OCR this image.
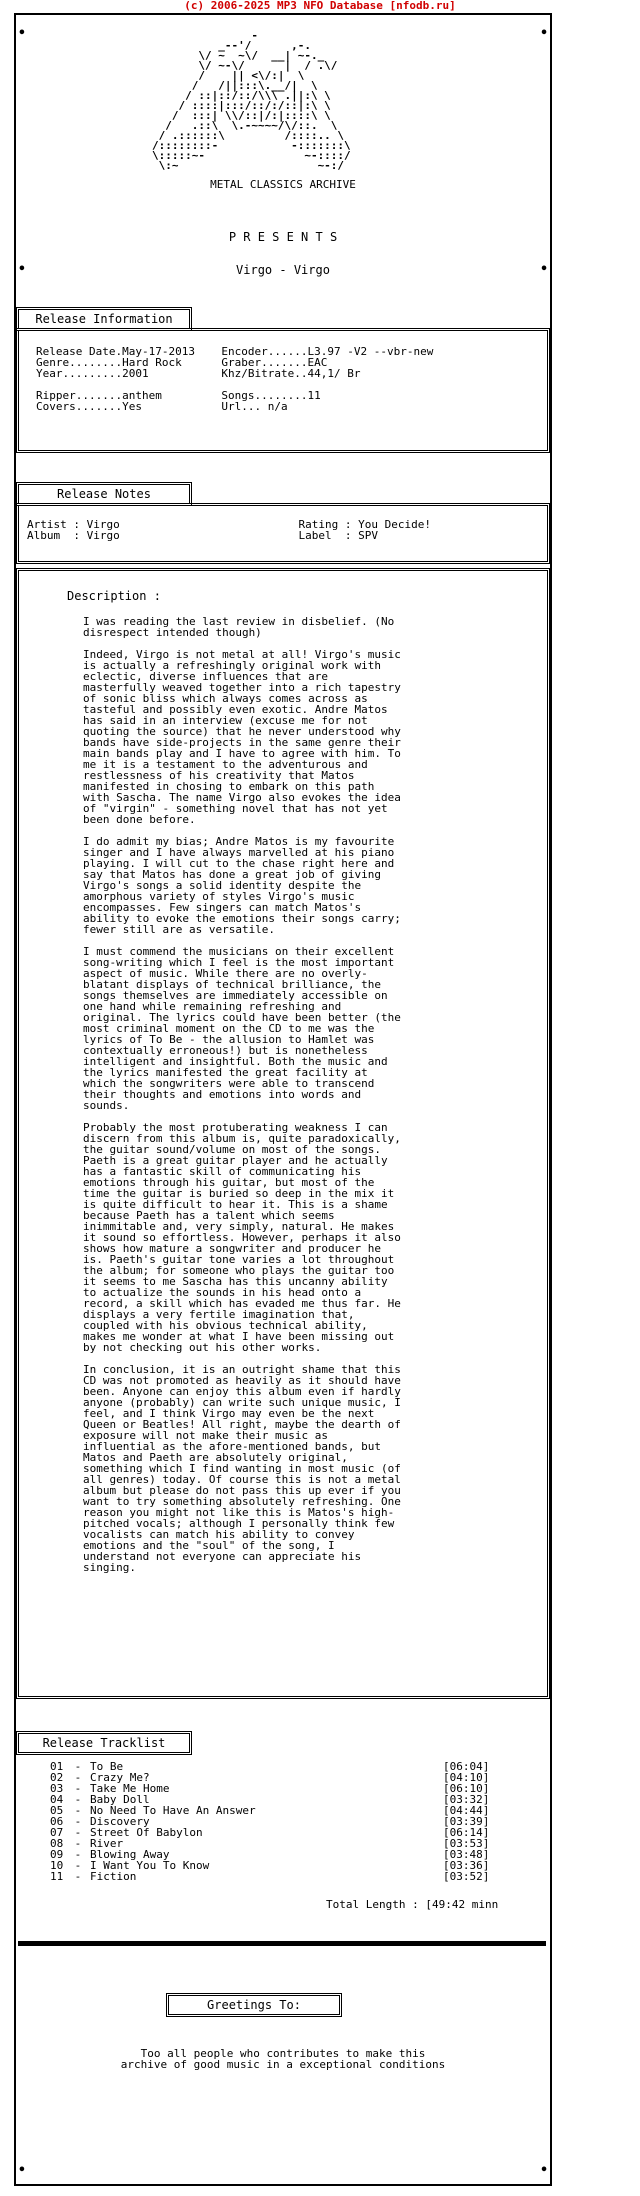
(c) 2006-2025 MP3 NFO Database [nfodb.ru]
•	•
•	•
-
_--'/      ,-.
\/ ~  ~\/  __| ~-._
\/ ~-\/      |  / .\/
/    || <\/:|  \
/   /||:::\.__/|  \
/ ::|::/::/\\\ .||:\ \
/ ::::|:::/::/:/::|:\ \
/  :::| \\/::|/:|::::\ \
/   .::\  \.-~~~~/\/::.  \
/ .::::::\         /::::.. \
/::::::::-           -:::::::\
\:::::~-               ~-::::/
\:~                     ~-:/
METAL CLASSICS ARCHIVE
P R E S E N T S
•	Virgo - Virgo	•
Release Information
Release Date.May-17-2013    Encoder......L3.97 -V2 --vbr-new
Genre........Hard Rock      Graber.......EAC
Year.........2001           Khz/Bitrate..44,1/ Br

Ripper.......anthem         Songs........11
Covers.......Yes            Url... n/a
Release Notes
Artist : Virgo                           Rating : You Decide!
Album  : Virgo                           Label  : SPV
Description :
I was reading the last review in disbelief. (No
disrespect intended though)

Indeed, Virgo is not metal at all! Virgo's music
is actually a refreshingly original work with
eclectic, diverse influences that are
masterfully weaved together into a rich tapestry
of sonic bliss which always comes across as
tasteful and possibly even exotic. Andre Matos
has said in an interview (excuse me for not
quoting the source) that he never understood why
bands have side-projects in the same genre their
main bands play and I have to agree with him. To
me it is a testament to the adventurous and
restlessness of his creativity that Matos
manifested in chosing to embark on this path
with Sascha. The name Virgo also evokes the idea
of "virgin" - something novel that has not yet
been done before.

I do admit my bias; Andre Matos is my favourite
singer and I have always marvelled at his piano
playing. I will cut to the chase right here and
say that Matos has done a great job of giving
Virgo's songs a solid identity despite the
amorphous variety of styles Virgo's music
encompasses. Few singers can match Matos's
ability to evoke the emotions their songs carry;
fewer still are as versatile.

I must commend the musicians on their excellent
song-writing which I feel is the most important
aspect of music. While there are no overly-
blatant displays of technical brilliance, the
songs themselves are immediately accessible on
one hand while remaining refreshing and
original. The lyrics could have been better (the
most criminal moment on the CD to me was the
lyrics of To Be - the allusion to Hamlet was
contextually erroneous!) but is nonetheless
intelligent and insightful. Both the music and
the lyrics manifested the great facility at
which the songwriters were able to transcend
their thoughts and emotions into words and
sounds.

Probably the most protuberating weakness I can
discern from this album is, quite paradoxically,
the guitar sound/volume on most of the songs.
Paeth is a great guitar player and he actually
has a fantastic skill of communicating his
emotions through his guitar, but most of the
time the guitar is buried so deep in the mix it
is quite difficult to hear it. This is a shame
because Paeth has a talent which seems
inimmitable and, very simply, natural. He makes
it sound so effortless. However, perhaps it also
shows how mature a songwriter and producer he
is. Paeth's guitar tone varies a lot throughout
the album; for someone who plays the guitar too
it seems to me Sascha has this uncanny ability
to actualize the sounds in his head onto a
record, a skill which has evaded me thus far. He
displays a very fertile imagination that,
coupled with his obvious technical ability,
makes me wonder at what I have been missing out
by not checking out his other works.

In conclusion, it is an outright shame that this
CD was not promoted as heavily as it should have
been. Anyone can enjoy this album even if hardly
anyone (probably) can write such unique music, I
feel, and I think Virgo may even be the next
Queen or Beatles! All right, maybe the dearth of
exposure will not make their music as
influential as the afore-mentioned bands, but
Matos and Paeth are absolutely original,
something which I find wanting in most music (of
all genres) today. Of course this is not a metal
album but please do not pass this up ever if you
want to try something absolutely refreshing. One
reason you might not like this is Matos's high-
pitched vocals; although I personally think few
vocalists can match his ability to convey
emotions and the "soul" of the song, I
understand not everyone can appreciate his
singing.
Release Tracklist
01 - To Be	[06:04]
02 - Crazy Me?	[04:10]
03 - Take Me Home	[06:10]
04 - Baby Doll	[03:32]
05 - No Need To Have An Answer	[04:44]
06 - Discovery	[03:39]
07 - Street Of Babylon	[06:14]
08 - River	[03:53]
09 - Blowing Away	[03:48]
10 - I Want You To Know	[03:36]
11 - Fiction	[03:52]
Total Length : [49:42 minn
Greetings To:
Too all people who contributes to make this
archive of good music in a exceptional conditions
